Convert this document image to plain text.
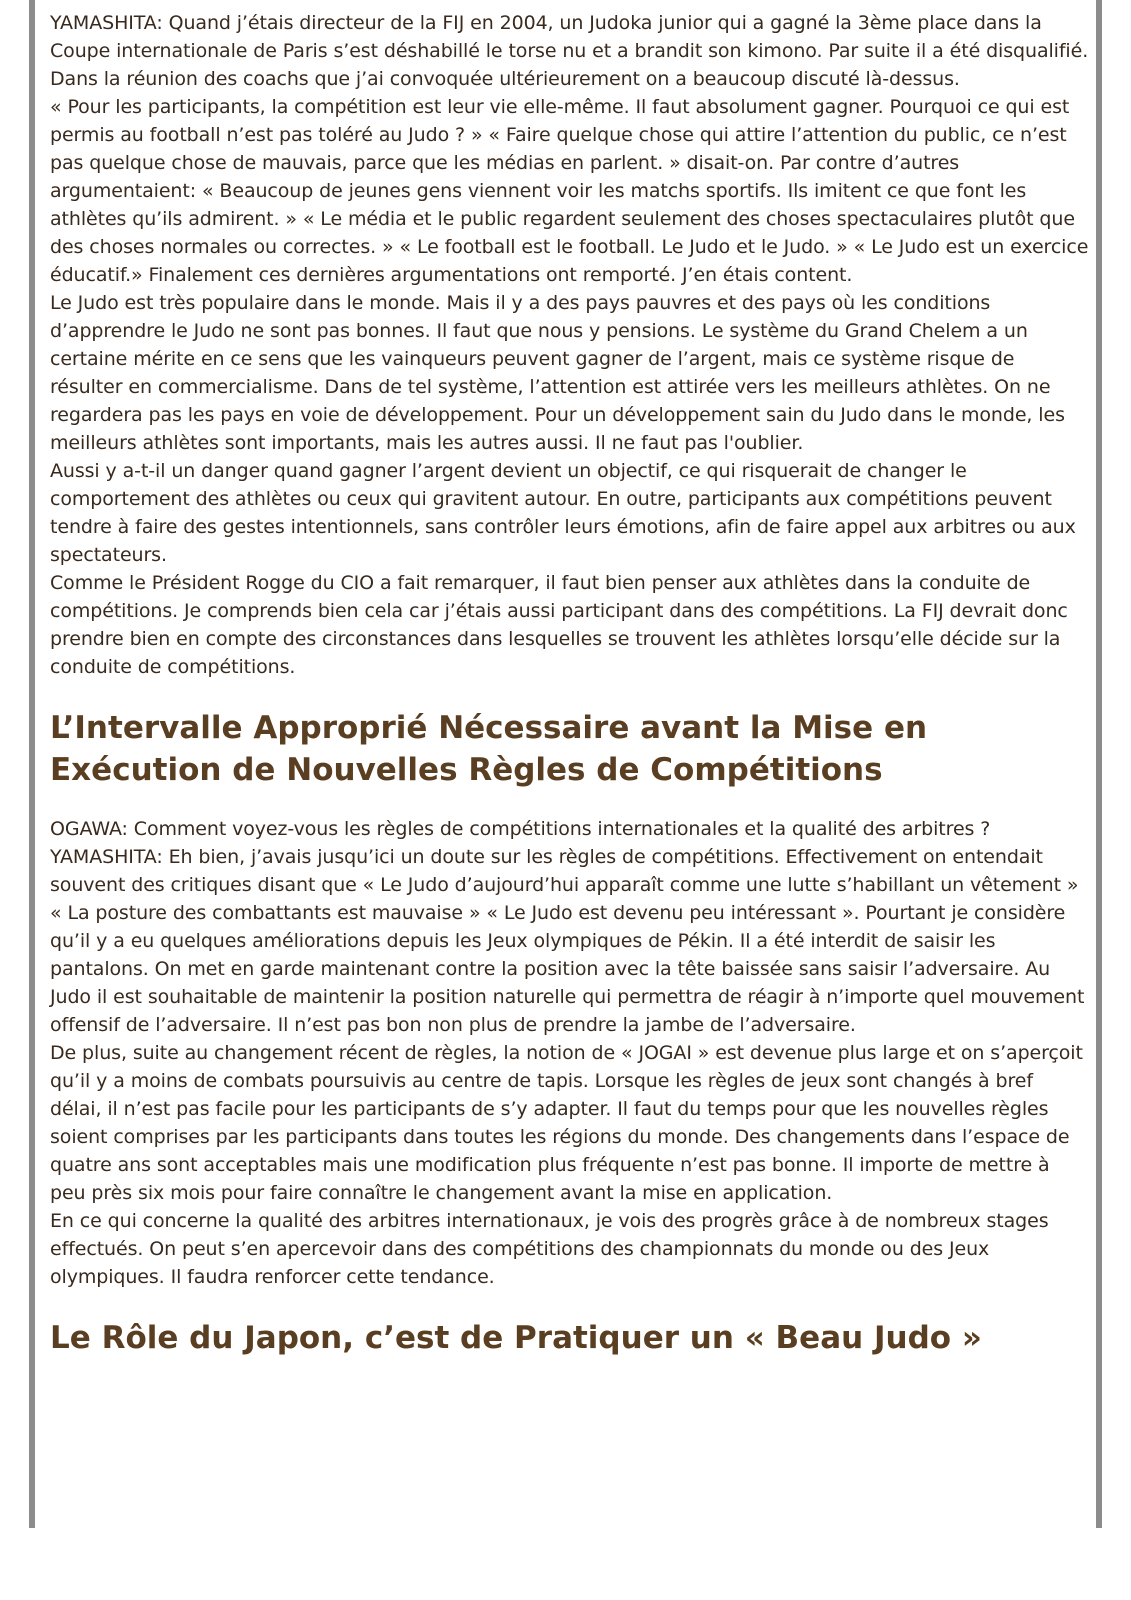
YAMASHITA: Quand j’étais directeur de la FIJ en 2004, un Judoka junior qui a gagné la 3ème place dans la Coupe internationale de Paris s’est déshabillé le torse nu et a brandit son kimono. Par suite il a été disqualifié. Dans la réunion des coachs que j’ai convoquée ultérieurement on a beaucoup discuté là-dessus.

« Pour les participants, la compétition est leur vie elle-même. Il faut absolument gagner. Pourquoi ce qui est permis au football n’est pas toléré au Judo ? » « Faire quelque chose qui attire l’attention du public, ce n’est pas quelque chose de mauvais, parce que les médias en parlent. » disait-on. Par contre d’autres argumentaient: « Beaucoup de jeunes gens viennent voir les matchs sportifs. Ils imitent ce que font les athlètes qu’ils admirent. » « Le média et le public regardent seulement des choses spectaculaires plutôt que des choses normales ou correctes. » « Le football est le football. Le Judo et le Judo. » « Le Judo est un exercice éducatif.» Finalement ces dernières argumentations ont remporté. J’en étais content.

Le Judo est très populaire dans le monde. Mais il y a des pays pauvres et des pays où les conditions d’apprendre le Judo ne sont pas bonnes. Il faut que nous y pensions. Le système du Grand Chelem a un certaine mérite en ce sens que les vainqueurs peuvent gagner de l’argent, mais ce système risque de résulter en commercialisme. Dans de tel système, l’attention est attirée vers les meilleurs athlètes. On ne regardera pas les pays en voie de développement. Pour un développement sain du Judo dans le monde, les meilleurs athlètes sont importants, mais les autres aussi. Il ne faut pas l'oublier.

Aussi y a-t-il un danger quand gagner l’argent devient un objectif, ce qui risquerait de changer le comportement des athlètes ou ceux qui gravitent autour. En outre, participants aux compétitions peuvent tendre à faire des gestes intentionnels, sans contrôler leurs émotions, afin de faire appel aux arbitres ou aux spectateurs.

Comme le Président Rogge du CIO a fait remarquer, il faut bien penser aux athlètes dans la conduite de compétitions. Je comprends bien cela car j’étais aussi participant dans des compétitions. La FIJ devrait donc prendre bien en compte des circonstances dans lesquelles se trouvent les athlètes lorsqu’elle décide sur la conduite de compétitions.

L’Intervalle Approprié Nécessaire avant la Mise en Exécution de Nouvelles Règles de Compétitions

OGAWA: Comment voyez-vous les règles de compétitions internationales et la qualité des arbitres ?

YAMASHITA: Eh bien, j’avais jusqu’ici un doute sur les règles de compétitions. Effectivement on entendait souvent des critiques disant que « Le Judo d’aujourd’hui apparaît comme une lutte s’habillant un vêtement » « La posture des combattants est mauvaise » « Le Judo est devenu peu intéressant ». Pourtant je considère qu’il y a eu quelques améliorations depuis les Jeux olympiques de Pékin. Il a été interdit de saisir les pantalons. On met en garde maintenant contre la position avec la tête baissée sans saisir l’adversaire. Au Judo il est souhaitable de maintenir la position naturelle qui permettra de réagir à n’importe quel mouvement offensif de l’adversaire. Il n’est pas bon non plus de prendre la jambe de l’adversaire.

De plus, suite au changement récent de règles, la notion de « JOGAI » est devenue plus large et on s’aperçoit qu’il y a moins de combats poursuivis au centre de tapis. Lorsque les règles de jeux sont changés à bref délai, il n’est pas facile pour les participants de s’y adapter. Il faut du temps pour que les nouvelles règles soient comprises par les participants dans toutes les régions du monde. Des changements dans l’espace de quatre ans sont acceptables mais une modification plus fréquente n’est pas bonne. Il importe de mettre à peu près six mois pour faire connaître le changement avant la mise en application.

En ce qui concerne la qualité des arbitres internationaux, je vois des progrès grâce à de nombreux stages effectués. On peut s’en apercevoir dans des compétitions des championnats du monde ou des Jeux olympiques. Il faudra renforcer cette tendance.

Le Rôle du Japon, c’est de Pratiquer un « Beau Judo »
